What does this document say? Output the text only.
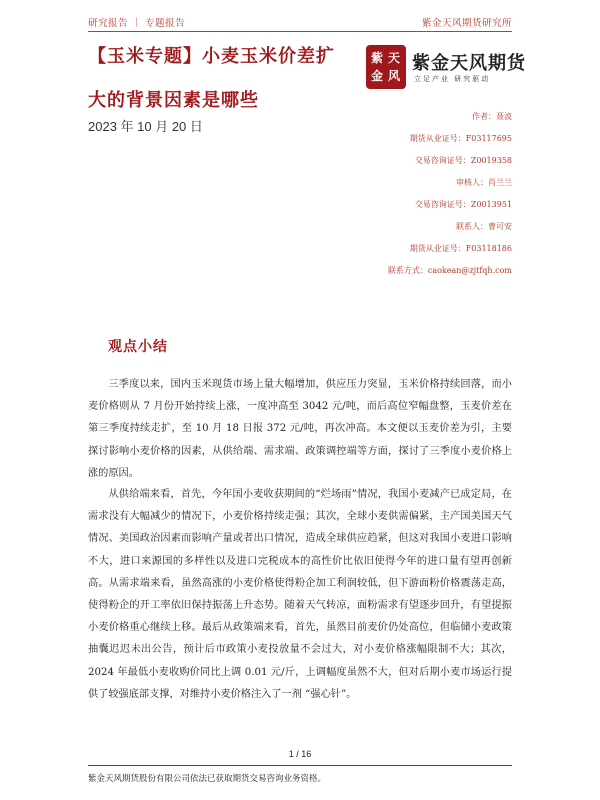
研究报告 ｜ 专题报告	紫金天风期货研究所
【玉米专题】小麦玉米价差扩
大的背景因素是哪些
2023 年 10 月 20 日
紫 天
金 风
紫金天风期货
立足产业 研究驱动
作者：聂波
期货从业证号：F03117695
交易咨询证号：Z0019358
审核人：肖兰兰
交易咨询证号：Z0013951
联系人：曹可安
期货从业证号：F03118186
联系方式：caokean@zjtfqh.com
观点小结

三季度以来，国内玉米现货市场上量大幅增加，供应压力突显，玉米价格持续回落，而小麦价格则从 7 月份开始持续上涨，一度冲高至 3042 元/吨，而后高位窄幅盘整，玉麦价差在第三季度持续走扩，至 10 月 18 日报 372 元/吨，再次冲高。本文便以玉麦价差为引，主要探讨影响小麦价格的因素，从供给端、需求端、政策调控端等方面，探讨了三季度小麦价格上涨的原因。

从供给端来看，首先，今年国小麦收获期间的“烂场雨”情况，我国小麦减产已成定局，在需求没有大幅减少的情况下，小麦价格持续走强；其次，全球小麦供需偏紧，主产国美国天气情况、美国政治因素而影响产量或者出口情况，造成全球供应趋紧，但这对我国小麦进口影响不大，进口来源国的多样性以及进口完税成本的高性价比依旧使得今年的进口量有望再创新高。从需求端来看，虽然高涨的小麦价格使得粉企加工利润较低，但下游面粉价格震荡走高，使得粉企的开工率依旧保持振荡上升态势。随着天气转凉，面粉需求有望逐步回升，有望提振小麦价格重心继续上移。最后从政策端来看，首先，虽然目前麦价仍处高位，但临储小麦政策抽囊迟迟未出公告，预计后市政策小麦投放量不会过大，对小麦价格涨幅限制不大；其次，2024 年最低小麦收购价同比上调 0.01 元/斤，上调幅度虽然不大，但对后期小麦市场运行提供了较强底部支撑，对维持小麦价格注入了一剂 “强心针”。

1 / 16
紫金天风期货股份有限公司依法已获取期货交易咨询业务资格。
